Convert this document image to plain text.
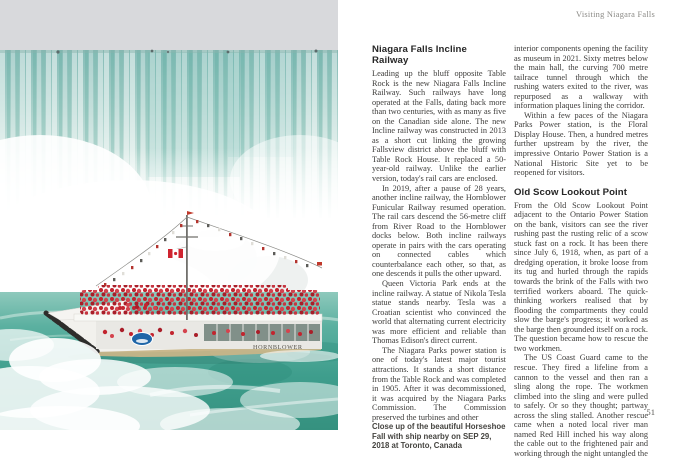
HORNBLOWER
Visiting Niagara Falls
Niagara Falls Incline Railway

Leading up the bluff opposite Table Rock is the new Niagara Falls Incline Railway. Such railways have long operated at the Falls, dating back more than two centuries, with as many as five on the Canadian side alone. The new Incline railway was constructed in 2013 as a short cut linking the growing Fallsview district above the bluff with Table Rock House. It replaced a 50-year-old railway. Unlike the earlier version, today's rail cars are enclosed.

In 2019, after a pause of 28 years, another incline railway, the Hornblower Funicular Railway resumed operation. The rail cars descend the 56-metre cliff from River Road to the Hornblower docks below. Both incline railways operate in pairs with the cars operating on connected cables which counterbalance each other, so that, as one descends it pulls the other upward.

Queen Victoria Park ends at the incline railway. A statue of Nikola Tesla statue stands nearby. Tesla was a Croatian scientist who convinced the world that alternating current electricity was more efficient and reliable than Thomas Edison's direct current.

The Niagara Parks power station is one of today's latest major tourist attractions. It stands a short distance from the Table Rock and was completed in 1905. After it was decommissioned, it was acquired by the Niagara Parks Commission. The Commission preserved the turbines and other

Close up of the beautiful Horseshoe Fall with ship nearby on SEP 29, 2018 at Toronto, Canada

interior components opening the facility as museum in 2021. Sixty metres below the main hall, the curving 700 metre tailrace tunnel through which the rushing waters exited to the river, was repurposed as a walkway with information plaques lining the corridor.

Within a few paces of the Niagara Parks Power station, is the Floral Display House. Then, a hundred metres further upstream by the river, the impressive Ontario Power Station is a National Historic Site yet to be reopened for visitors.

Old Scow Lookout Point

From the Old Scow Lookout Point adjacent to the Ontario Power Station on the bank, visitors can see the river rushing past the rusting relic of a scow stuck fast on a rock. It has been there since July 6, 1918, when, as part of a dredging operation, it broke loose from its tug and hurled through the rapids towards the brink of the Falls with two terrified workers aboard. The quick-thinking workers realised that by flooding the compartments they could slow the barge's progress; it worked as the barge then grounded itself on a rock. The question became how to rescue the two workmen.

The US Coast Guard came to the rescue. They fired a lifeline from a cannon to the vessel and then ran a sling along the rope. The workmen climbed into the sling and were pulled to safely. Or so they thought; partway across the sling stalled. Another rescue came when a noted local river man named Red Hill inched his way along the cable out to the frightened pair and working through the night untangled the

51
